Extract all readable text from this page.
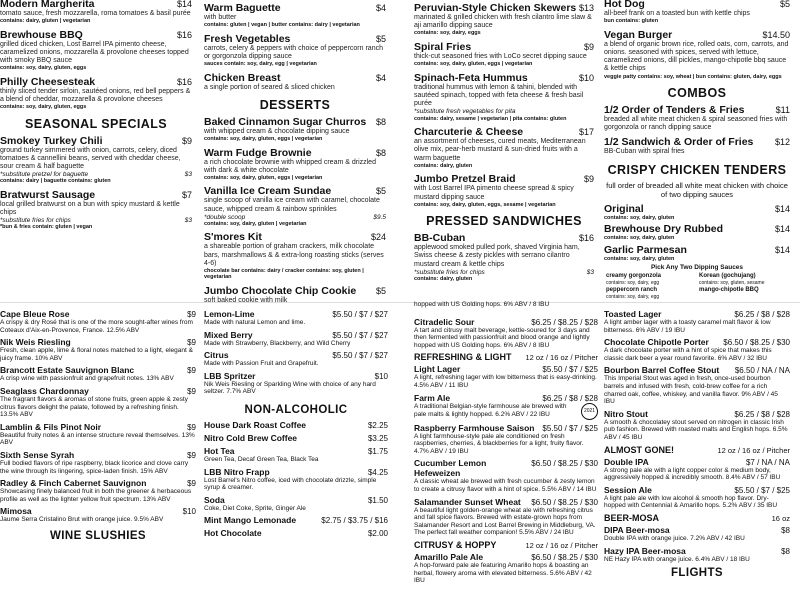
Modern Margherita	$14
tomato sauce, fresh mozzarella, roma tomatoes & basil purée
contains: dairy, gluten | vegetarian
Brewhouse BBQ	$16
grilled diced chicken, Lost Barrel IPA pimento cheese, caramelized onions, mozzarella & provolone cheeses topped with smoky BBQ sauce
contains: soy, dairy, gluten, eggs
Philly Cheesesteak	$16
thinly sliced tender sirloin, sautéed onions, red bell peppers & a blend of cheddar, mozzarella & provolone cheeses
contains: soy, dairy, gluten, eggs
SEASONAL SPECIALS
Smokey Turkey Chili	$9
ground turkey simmered with onion, carrots, celery, diced tomatoes & cannellini beans, served with cheddar cheese, sour cream & half baguette
*substitute pretzel for baguette	$3
contains: dairy | baguette contains: gluten
Bratwurst Sausage	$7
local grilled bratwurst on a bun with spicy mustard & kettle chips
*substitute fries for chips	$3
*bun & fries contain: gluten | vegan
Warm Baguette	$4
with butter
contains: gluten | vegan | butter contains: dairy | vegetarian
Fresh Vegetables	$5
carrots, celery & peppers with choice of peppercorn ranch or gorgonzola dipping sauce
sauces contain: soy, dairy, egg | vegetarian
Chicken Breast	$4
a single portion of seared & sliced chicken
DESSERTS
Baked Cinnamon Sugar Churros $8
with whipped cream & chocolate dipping sauce
contains: soy, dairy, gluten, eggs | vegetarian
Warm Fudge Brownie	$8
a rich chocolate brownie with whipped cream & drizzled with dark & white chocolate
contains: soy, dairy, gluten, eggs | vegetarian
Vanilla Ice Cream Sundae	$5
single scoop of vanilla ice cream with caramel, chocolate sauce, whipped cream & rainbow sprinkles
*double scoop	$9.5
contains: soy, dairy, gluten | vegetarian
S'mores Kit	$24
a shareable portion of graham crackers, milk chocolate bars, marshmallows & & extra-long roasting sticks (serves 4-6)
chocolate bar contains: dairy / cracker contains: soy, gluten | vegetarian
Jumbo Chocolate Chip Cookie $5
soft baked cookie with milk
Peruvian-Style Chicken Skewers $13
marinated & grilled chicken with fresh cilantro lime slaw & aji amarillo dipping sauce
contains: soy, dairy, eggs
Spiral Fries	$9
thick-cut seasoned fries with LoCo secret dipping sauce
contains: soy, dairy, gluten, eggs | vegetarian
Spinach-Feta Hummus	$10
traditional hummus with lemon & tahini, blended with sautéed spinach, topped with feta cheese & fresh basil purée
*substitute fresh vegetables for pita
contains: dairy, sesame | vegetarian | pita contains: gluten
Charcuterie & Cheese	$17
an assortment of cheeses, cured meats, Mediterranean olive mix, pear-herb mustard & sun-dried fruits with a warm baguette
contains: dairy, gluten
Jumbo Pretzel Braid	$9
with Lost Barrel IPA pimento cheese spread & spicy mustard dipping sauce
contains: soy, dairy, gluten, eggs, sesame | vegetarian
PRESSED SANDWICHES
BB-Cuban	$16
applewood smoked pulled pork, shaved Virginia ham, Swiss cheese & zesty pickles with serrano cilantro mustard cream & kettle chips
*substitute fries for chips	$3
contains: dairy, gluten
Hot Dog	$5
all-beef frank on a toasted bun with kettle chips
bun contains: gluten
Vegan Burger	$14.50
a blend of organic brown rice, rolled oats, corn, carrots, and onions. seasoned with spices, served with lettuce, caramelized onions, dill pickles, mango-chipotle bbq sauce & kettle chips
veggie patty contains: soy, wheat | bun contains: gluten, dairy, eggs
COMBOS
1/2 Order of Tenders & Fries	$11
breaded all white meat chicken & spiral seasoned fries with gorgonzola or ranch dipping sauce
1/2 Sandwich & Order of Fries $12
BB-Cuban with spiral fries
CRISPY CHICKEN TENDERS
full order of breaded all white meat chicken with choice of two dipping sauces
Original	$14
contains: soy, dairy, gluten
Brewhouse Dry Rubbed	$14
contains: soy, dairy, gluten
Garlic Parmesan	$14
contains: soy, dairy, gluten
Pick Any Two Dipping Sauces
creamy gorgonzola
contains: soy, dairy, egg
Korean (gochujang)
contains: soy, gluten, sesame
peppercorn ranch
contains: soy, dairy, egg
mango-chipotle BBQ
Cape Bleue Rose	$9
A crispy & dry Rosé that is one of the more sought-after wines from Coteaux d'Aix-en-Provence, France. 12.5% ABV
Nik Weis Riesling	$9
Fresh, clean apple, lime & floral notes matched to a light, elegant & juicy frame. 10% ABV
Brancott Estate Sauvignon Blanc	$9
A crisp wine with passionfruit and grapefruit notes. 13% ABV
Seaglass Chardonnay	$9
The fragrant flavors & aromas of stone fruits, green apple & zesty citrus flavors delight the palate, followed by a refreshing finish. 13.5% ABV
Lamblin & Fils Pinot Noir	$9
Beautiful fruity notes & an intense structure reveal themselves. 13% ABV
Sixth Sense Syrah	$9
Full bodied flavors of ripe raspberry, black licorice and clove carry the wine through its lingering, spice-laden finish. 15% ABV
Radley & Finch Cabernet Sauvignon	$9
Showcasing finely balanced fruit in both the greener & herbaceous profile as well as the lighter yellow fruit spectrum. 13% ABV
Mimosa	$10
Jaume Serra Cristalino Brut with orange juice. 9.5% ABV
WINE SLUSHIES
Lemon-Lime	$5.50 / $7 / $27
Made with natural Lemon and lime.
Mixed Berry	$5.50 / $7 / $27
Made with Strawberry, Blackberry, and Wild Cherry
Citrus	$5.50 / $7 / $27
Made with Passion Fruit and Grapefruit.
LBB Spritzer	$10
Nik Weis Riesling or Sparkling Wine with choice of any hard seltzer. 7.7% ABV
NON-ALCOHOLIC
House Dark Roast Coffee	$2.25
Nitro Cold Brew Coffee	$3.25
Hot Tea	$1.75
Green Tea, Decaf Green Tea, Black Tea
LBB Nitro Frapp	$4.25
Lost Barrel's Nitro coffee, iced with chocolate drizzle, simple syrup & creamer.
Soda	$1.50
Coke, Diet Coke, Sprite, Ginger Ale
Mint Mango Lemonade	$2.75 / $3.75 / $16
Hot Chocolate	$2.00
hopped with US Golding hops. 6% ABV / 8 IBU
Citradelic Sour	$6.25 / $8.25 / $28
A tart and citrusy malt beverage, kettle-soured for 3 days and then fermented with passionfruit and blood orange and lightly hopped with US Golding hops. 6% ABV / 8 IBU
REFRESHING & LIGHT 12 oz / 16 oz / Pitcher
Light Lager	$5.50 / $7 / $25
A light, refreshing lager with low bitterness that is easy-drinking. 4.5% ABV / 11 IBU
Farm Ale	$6.25 / $8 / $28
A traditional Belgian-style farmhouse ale brewed with pale malts & lightly hopped. 6.2% ABV / 22 IBU
2021
Raspberry Farmhouse Saison $5.50 / $7 / $25
A light farmhouse-style pale ale conditioned on fresh raspberries, cherries, & blackberries for a light, fruity flavor. 4.7% ABV / 19 IBU
Cucumber Lemon Hefeweizen
$6.50 / $8.25 / $30
A classic wheat ale brewed with fresh cucumber & zesty lemon to create a citrusy flavor with a hint of spice. 5.5% ABV / 14 IBU
Salamander Sunset Wheat $6.50 / $8.25 / $30
A beautiful light golden-orange wheat ale with refreshing citrus and fall spice flavors. Brewed with estate-grown hops from Salamander Resort and Lost Barrel Brewing in Middleburg, VA. The perfect fall weather companion! 5.5% ABV / 24 IBU
CITRUSY & HOPPY	12 oz / 16 oz / Pitcher
Amarillo Pale Ale	$6.50 / $8.25 / $30
A hop-forward pale ale featuring Amarillo hops & boasting an herbal, flowery aroma with elevated bitterness. 5.6% ABV / 42 IBU
Toasted Lager	$6.25 / $8 / $28
A light amber lager with a toasty caramel malt flavor & low bitterness. 6% ABV / 19 IBU
Chocolate Chipotle Porter $6.50 / $8.25 / $30
A dark chocolate porter with a hint of spice that makes this classic dark beer a year round favorite. 6% ABV / 32 IBU
Bourbon Barrel Coffee Stout $6.50 / NA / NA
This Imperial Stout was aged in fresh, once-used bourbon barrels and infused with fresh, cold-brew coffee for a rich charred oak, coffee, whiskey, and vanilla flavor. 9% ABV / 45 IBU
Nitro Stout	$6.25 / $8 / $28
A smooth & chocolatey stout served on nitrogen in classic Irish pub fashion. Brewed with roasted malts and English hops. 6.5% ABV / 45 IBU
ALMOST GONE!	12 oz / 16 oz / Pitcher
Double IPA	$7 / NA / NA
A strong pale ale with a light copper color & medium body, aggressively hopped & incredibly smooth. 8.4% ABV / 57 IBU
Session Ale	$5.50 / $7 / $25
A light pale ale with low alcohol & smooth hop flavor. Dry-hopped with Centennial & Amarillo hops. 5.2% ABV / 35 IBU
BEER-MOSA	16 oz
DIPA Beer-mosa	$8
Double IPA with orange juice. 7.2% ABV / 42 IBU
Hazy IPA Beer-mosa	$8
NE Hazy IPA with orange juice. 6.4% ABV / 18 IBU
FLIGHTS
